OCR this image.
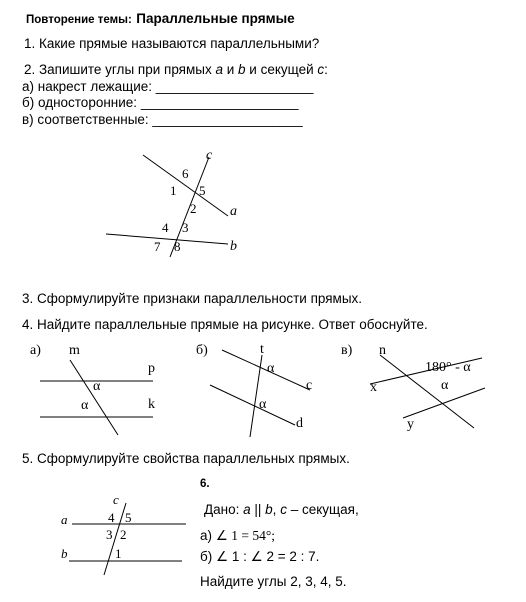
Повторение темы: Параллельные прямые
1. Какие прямые называются параллельными?
2. Запишите углы при прямых a и b и секущей c:
а) накрест лежащие: _____________________
б) односторонние: _____________________
в) соответственные: ____________________
c
a
b
6
1 5
2
4 3
7 8
3. Сформулируйте признаки параллельности прямых.
4. Найдите параллельные прямые на рисунке. Ответ обоснуйте.
а) m
p
k
α
α
б)	t
c
d
α
α
в) n
x
y
180° - α
α
5. Сформулируйте свойства параллельных прямых.
c
a
b
4 5
3 2
1
6.
Дано: a || b, c – секущая,
а) ∠ 1 = 54°;
б) ∠ 1 : ∠ 2 = 2 : 7.
Найдите углы 2, 3, 4, 5.
